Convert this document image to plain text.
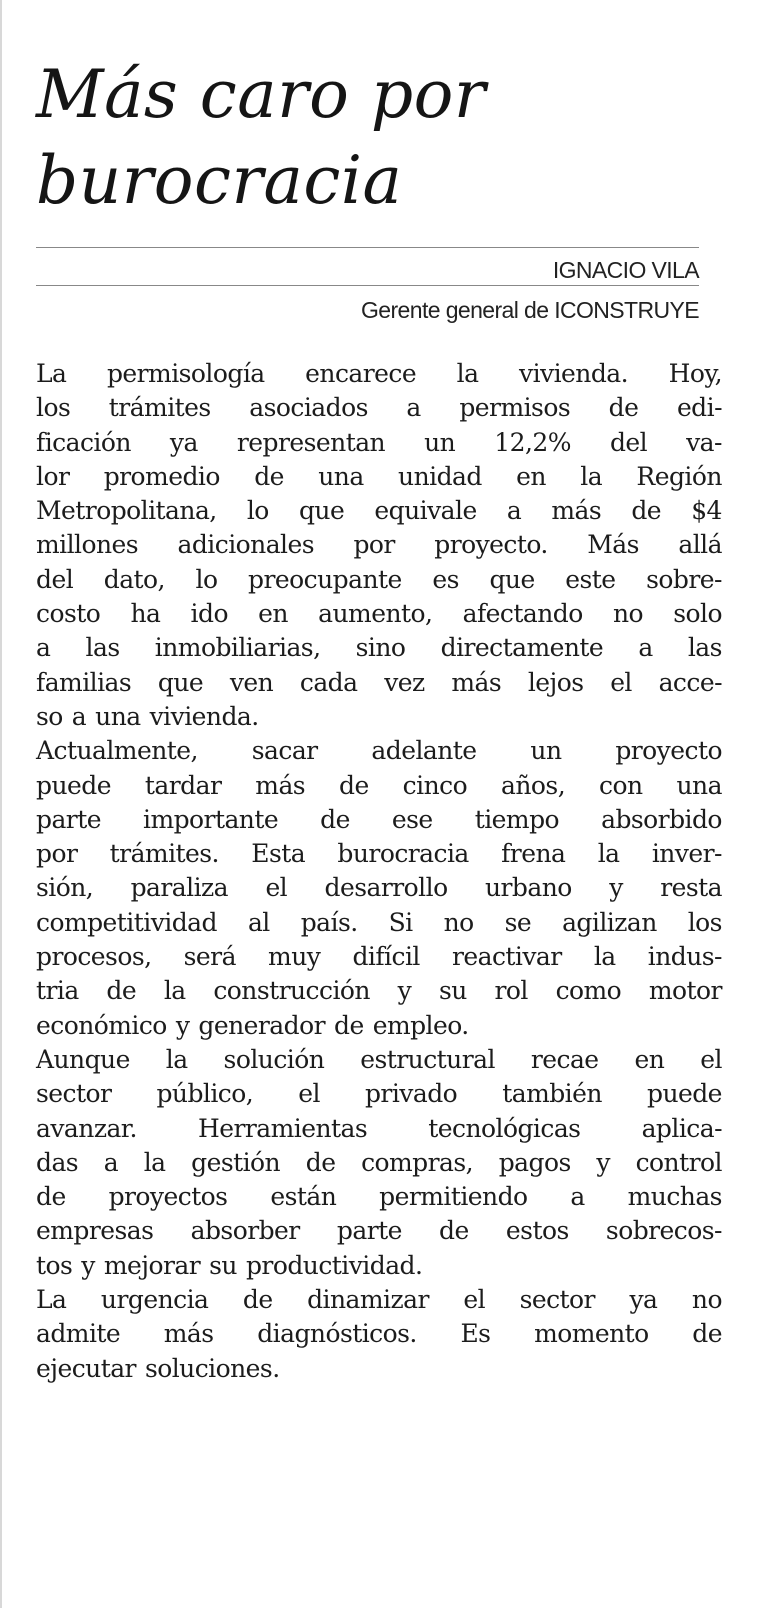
Más caro por
burocracia
IGNACIO VILA
Gerente general de ICONSTRUYE
La permisología encarece la vivienda. Hoy,
los trámites asociados a permisos de edi-
ficación ya representan un 12,2% del va-
lor promedio de una unidad en la Región
Metropolitana, lo que equivale a más de $4
millones adicionales por proyecto. Más allá
del dato, lo preocupante es que este sobre-
costo ha ido en aumento, afectando no solo
a las inmobiliarias, sino directamente a las
familias que ven cada vez más lejos el acce-
so a una vivienda.
Actualmente, sacar adelante un proyecto
puede tardar más de cinco años, con una
parte importante de ese tiempo absorbido
por trámites. Esta burocracia frena la inver-
sión, paraliza el desarrollo urbano y resta
competitividad al país. Si no se agilizan los
procesos, será muy difícil reactivar la indus-
tria de la construcción y su rol como motor
económico y generador de empleo.
Aunque la solución estructural recae en el
sector público, el privado también puede
avanzar. Herramientas tecnológicas aplica-
das a la gestión de compras, pagos y control
de proyectos están permitiendo a muchas
empresas absorber parte de estos sobrecos-
tos y mejorar su productividad.
La urgencia de dinamizar el sector ya no
admite más diagnósticos. Es momento de
ejecutar soluciones.
